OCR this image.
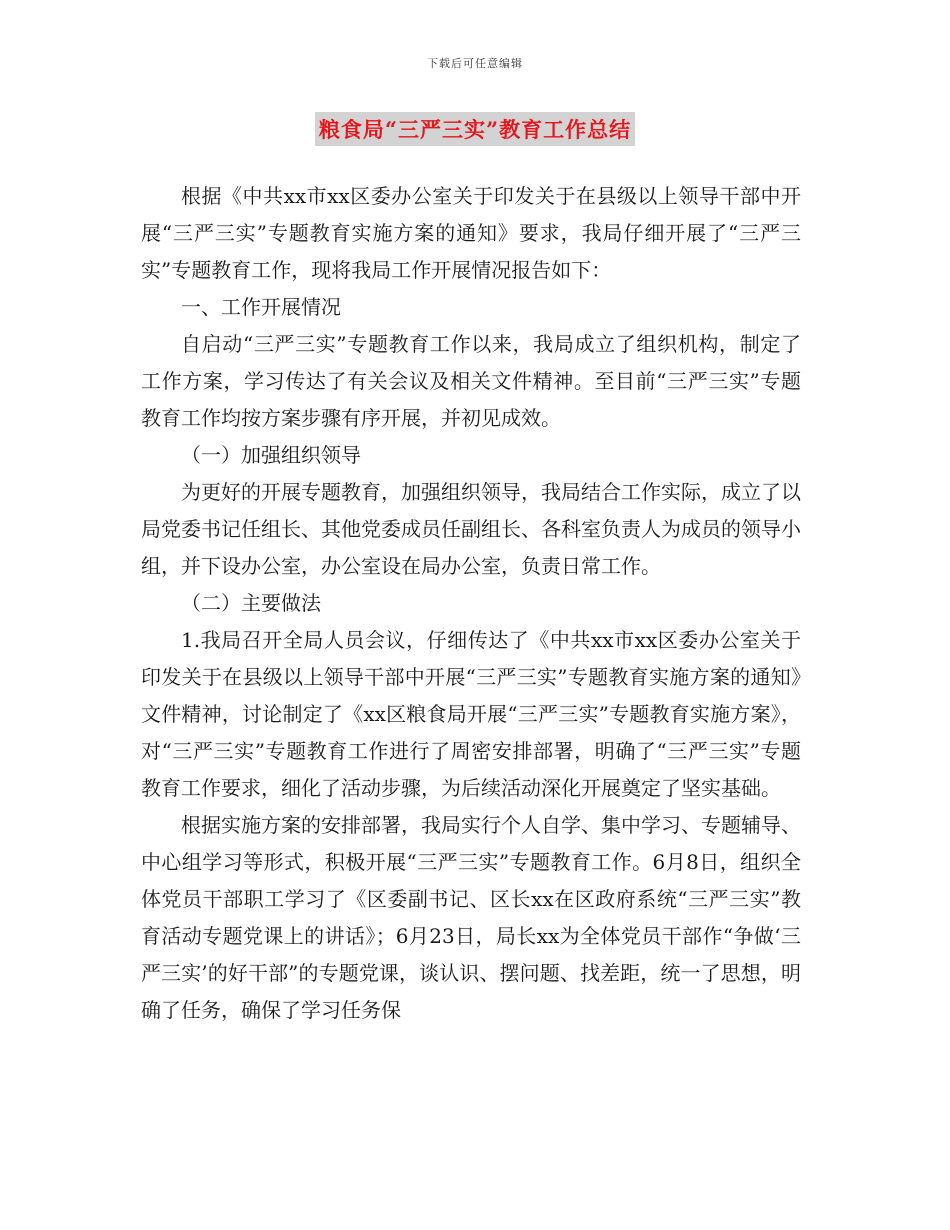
下载后可任意编辑
粮食局“三严三实”教育工作总结

根据《中共xx市xx区委办公室关于印发关于在县级以上领导干部中开展“三严三实”专题教育实施方案的通知》要求，我局仔细开展了“三严三实”专题教育工作，现将我局工作开展情况报告如下：

一、工作开展情况

自启动“三严三实”专题教育工作以来，我局成立了组织机构，制定了工作方案，学习传达了有关会议及相关文件精神。至目前“三严三实”专题教育工作均按方案步骤有序开展，并初见成效。

（一）加强组织领导

为更好的开展专题教育，加强组织领导，我局结合工作实际，成立了以局党委书记任组长、其他党委成员任副组长、各科室负责人为成员的领导小组，并下设办公室，办公室设在局办公室，负责日常工作。

（二）主要做法

1.我局召开全局人员会议，仔细传达了《中共xx市xx区委办公室关于印发关于在县级以上领导干部中开展“三严三实”专题教育实施方案的通知》文件精神，讨论制定了《xx区粮食局开展“三严三实”专题教育实施方案》，对“三严三实”专题教育工作进行了周密安排部署，明确了“三严三实”专题教育工作要求，细化了活动步骤，为后续活动深化开展奠定了坚实基础。

根据实施方案的安排部署，我局实行个人自学、集中学习、专题辅导、中心组学习等形式，积极开展“三严三实”专题教育工作。6月8日，组织全体党员干部职工学习了《区委副书记、区长xx在区政府系统“三严三实”教育活动专题党课上的讲话》；6月23日，局长xx为全体党员干部作“争做‘三严三实’的好干部”的专题党课，谈认识、摆问题、找差距，统一了思想，明确了任务，确保了学习任务保
